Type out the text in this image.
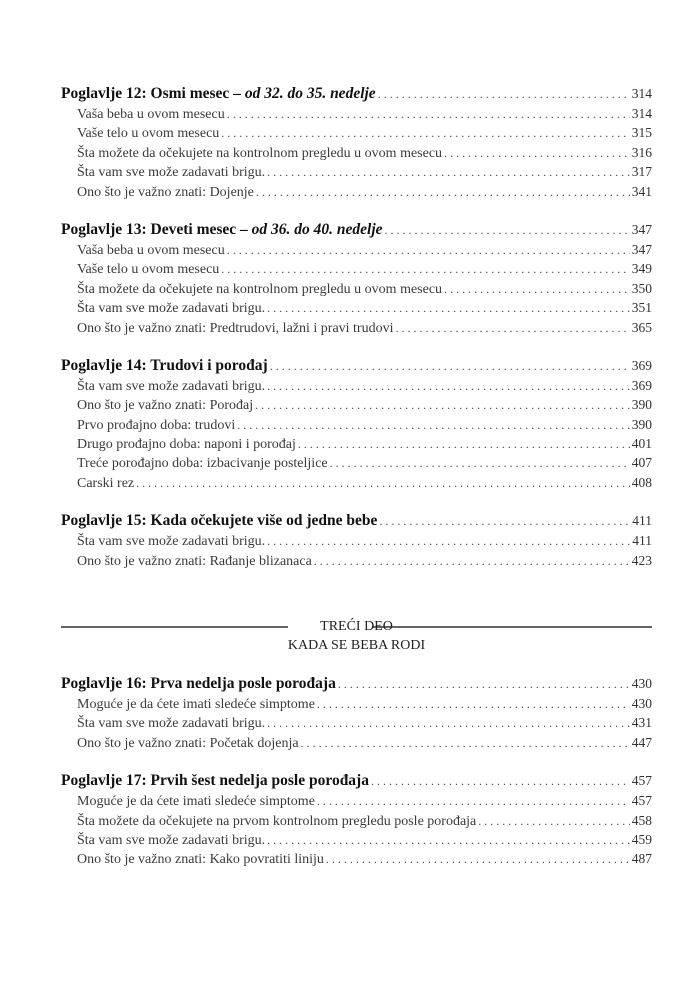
Poglavlje 12: Osmi mesec – od 32. do 35. nedelje . . .	314
Vaša beba u ovom mesecu . . .	314
Vaše telo u ovom mesecu . . .	315
Šta možete da očekujete na kontrolnom pregledu u ovom mesecu . . .	316
Šta vam sve može zadavati brigu. . . .	317
Ono što je važno znati: Dojenje . . .	341
Poglavlje 13: Deveti mesec – od 36. do 40. nedelje . . .	347
Vaša beba u ovom mesecu . . .	347
Vaše telo u ovom mesecu . . .	349
Šta možete da očekujete na kontrolnom pregledu u ovom mesecu . . .	350
Šta vam sve može zadavati brigu. . . .	351
Ono što je važno znati: Predtrudovi, lažni i pravi trudovi . . .	365
Poglavlje 14: Trudovi i porođaj . . .	369
Šta vam sve može zadavati brigu. . . .	369
Ono što je važno znati: Porođaj . . .	390
Prvo prođajno doba: trudovi . . .	390
Drugo prođajno doba: naponi i porođaj . . .	401
Treće porođajno doba: izbacivanje posteljice . . .	407
Carski rez . . .	408
Poglavlje 15: Kada očekujete više od jedne bebe . . .	411
Šta vam sve može zadavati brigu. . . .	411
Ono što je važno znati: Rađanje blizanaca . . .	423
TREĆI DEO
KADA SE BEBA RODI
Poglavlje 16: Prva nedelja posle porođaja . . .	430
Moguće je da ćete imati sledeće simptome . . .	430
Šta vam sve može zadavati brigu. . . .	431
Ono što je važno znati: Početak dojenja . . .	447
Poglavlje 17: Prvih šest nedelja posle porođaja . . .	457
Moguće je da ćete imati sledeće simptome . . .	457
Šta možete da očekujete na prvom kontrolnom pregledu posle porođaja . . .	458
Šta vam sve može zadavati brigu. . . .	459
Ono što je važno znati: Kako povratiti liniju . . .	487
